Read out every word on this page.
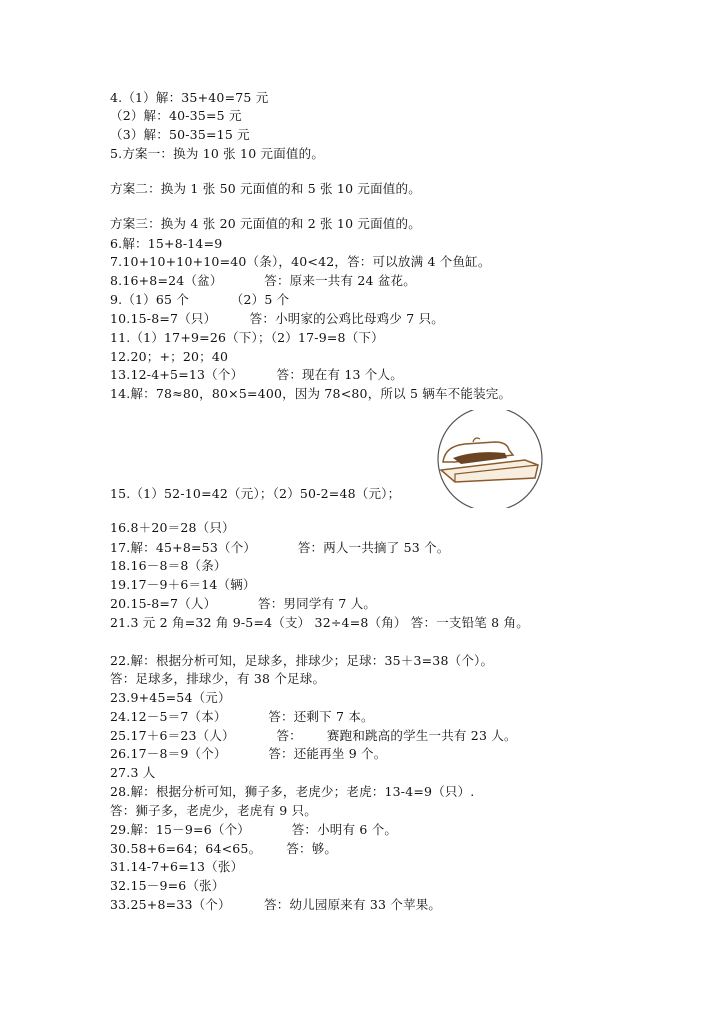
4.（1）解：35+40=75 元
（2）解：40-35=5 元
（3）解：50-35=15 元
5.方案一：换为 10 张 10 元面值的。
方案二：换为 1 张 50 元面值的和 5 张 10 元面值的。
方案三：换为 4 张 20 元面值的和 2 张 10 元面值的。
6.解：15+8-14=9
7.10+10+10+10=40（条），40<42，答：可以放满 4 个鱼缸。
8.16+8=24（盆）          答：原来一共有 24 盆花。
9.（1）65 个          （2）5 个
10.15-8=7（只）        答：小明家的公鸡比母鸡少 7 只。
11.（1）17+9=26（下）；（2）17-9=8（下）
12.20；+；20；40
13.12-4+5=13（个）        答：现在有 13 个人。
14.解：78≈80，80×5=400，因为 78<80，所以 5 辆车不能装完。
15.（1）52-10=42（元）；（2）50-2=48（元）；
16.8＋20＝28（只）
17.解：45+8=53（个）          答：两人一共摘了 53 个。
18.16－8＝8（条）
19.17－9＋6＝14（辆）
20.15-8=7（人）          答：男同学有 7 人。
21.3 元 2 角=32 角 9-5=4（支） 32÷4=8（角） 答：一支铅笔 8 角。
22.解：根据分析可知，足球多，排球少；足球：35＋3=38（个）。
答：足球多，排球少，有 38 个足球。
23.9+45=54（元）
24.12－5＝7（本）          答：还剩下 7 本。
25.17＋6＝23（人）          答：      赛跑和跳高的学生一共有 23 人。
26.17－8＝9（个）          答：还能再坐 9 个。
27.3 人
28.解：根据分析可知，狮子多，老虎少；老虎：13-4=9（只）.
答：狮子多，老虎少，老虎有 9 只。
29.解：15－9=6（个）          答：小明有 6 个。
30.58+6=64；64<65。      答：够。
31.14-7+6=13（张）
32.15－9=6（张）
33.25+8=33（个）        答：幼儿园原来有 33 个苹果。
